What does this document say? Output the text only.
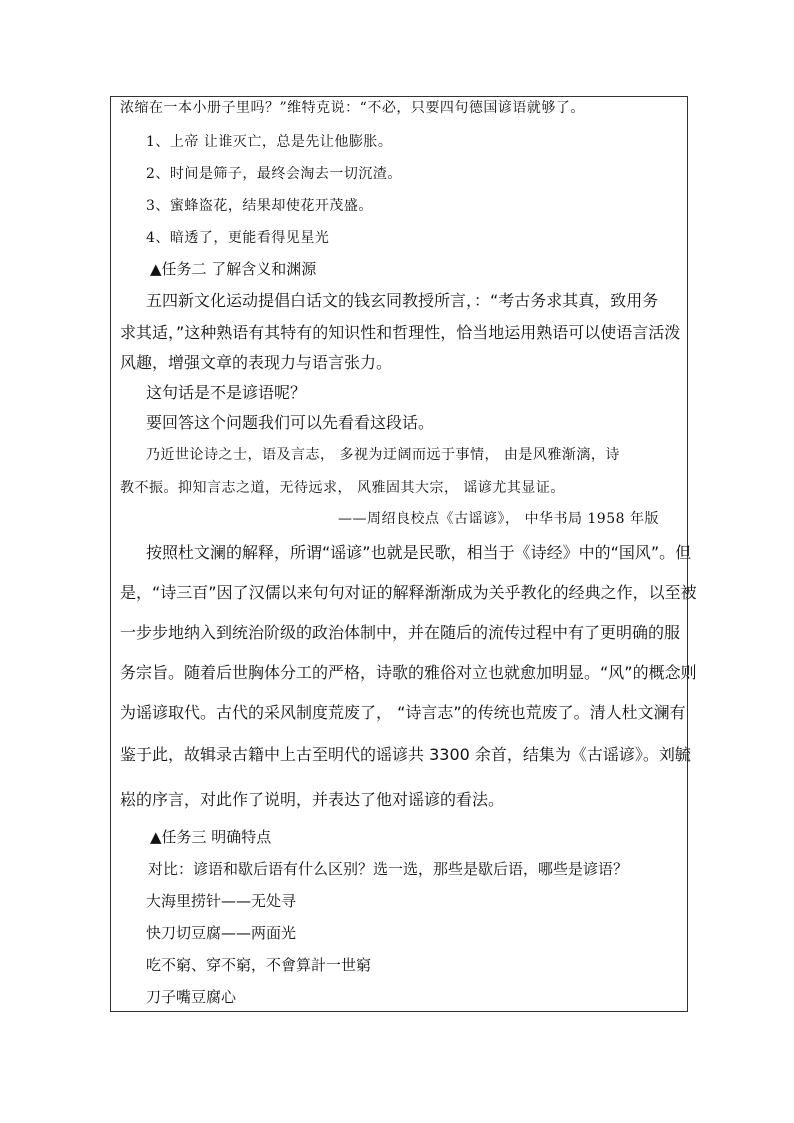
浓缩在一本小册子里吗？”维特克说：“不必，只要四句德国谚语就够了。
1、上帝 让谁灭亡，总是先让他膨胀。
2、时间是筛子，最终会淘去一切沉渣。
3、蜜蜂盗花，结果却使花开茂盛。
4、暗透了，更能看得见星光
▲任务二 了解含义和渊源
五四新文化运动提倡白话文的钱玄同教授所言，：“考古务求其真，致用务
求其适，”这种熟语有其特有的知识性和哲理性，恰当地运用熟语可以使语言活泼
风趣，增强文章的表现力与语言张力。
这句话是不是谚语呢？
要回答这个问题我们可以先看看这段话。
乃近世论诗之士，语及言志， 多视为迂阔而远于事情， 由是风雅渐漓，诗
教不振。抑知言志之道，无待远求， 风雅固其大宗， 谣谚尤其显证。
——周绍良校点《古谣谚》， 中华书局 1958 年版
按照杜文澜的解释，所谓“谣谚”也就是民歌，相当于《诗经》中的“国风”。但
是，“诗三百”因了汉儒以来句句对证的解释渐渐成为关乎教化的经典之作，以至被
一步步地纳入到统治阶级的政治体制中，并在随后的流传过程中有了更明确的服
务宗旨。随着后世胸体分工的严格，诗歌的雅俗对立也就愈加明显。“风”的概念则
为谣谚取代。古代的采风制度荒废了， “诗言志”的传统也荒废了。清人杜文澜有
鉴于此，故辑录古籍中上古至明代的谣谚共 3300 余首，结集为《古谣谚》。刘毓
崧的序言，对此作了说明，并表达了他对谣谚的看法。
▲任务三 明确特点
对比：谚语和歇后语有什么区别？选一选，那些是歇后语，哪些是谚语？
大海里捞针——无处寻
快刀切豆腐——两面光
吃不窮、穿不窮，不會算計一世窮
刀子嘴豆腐心
